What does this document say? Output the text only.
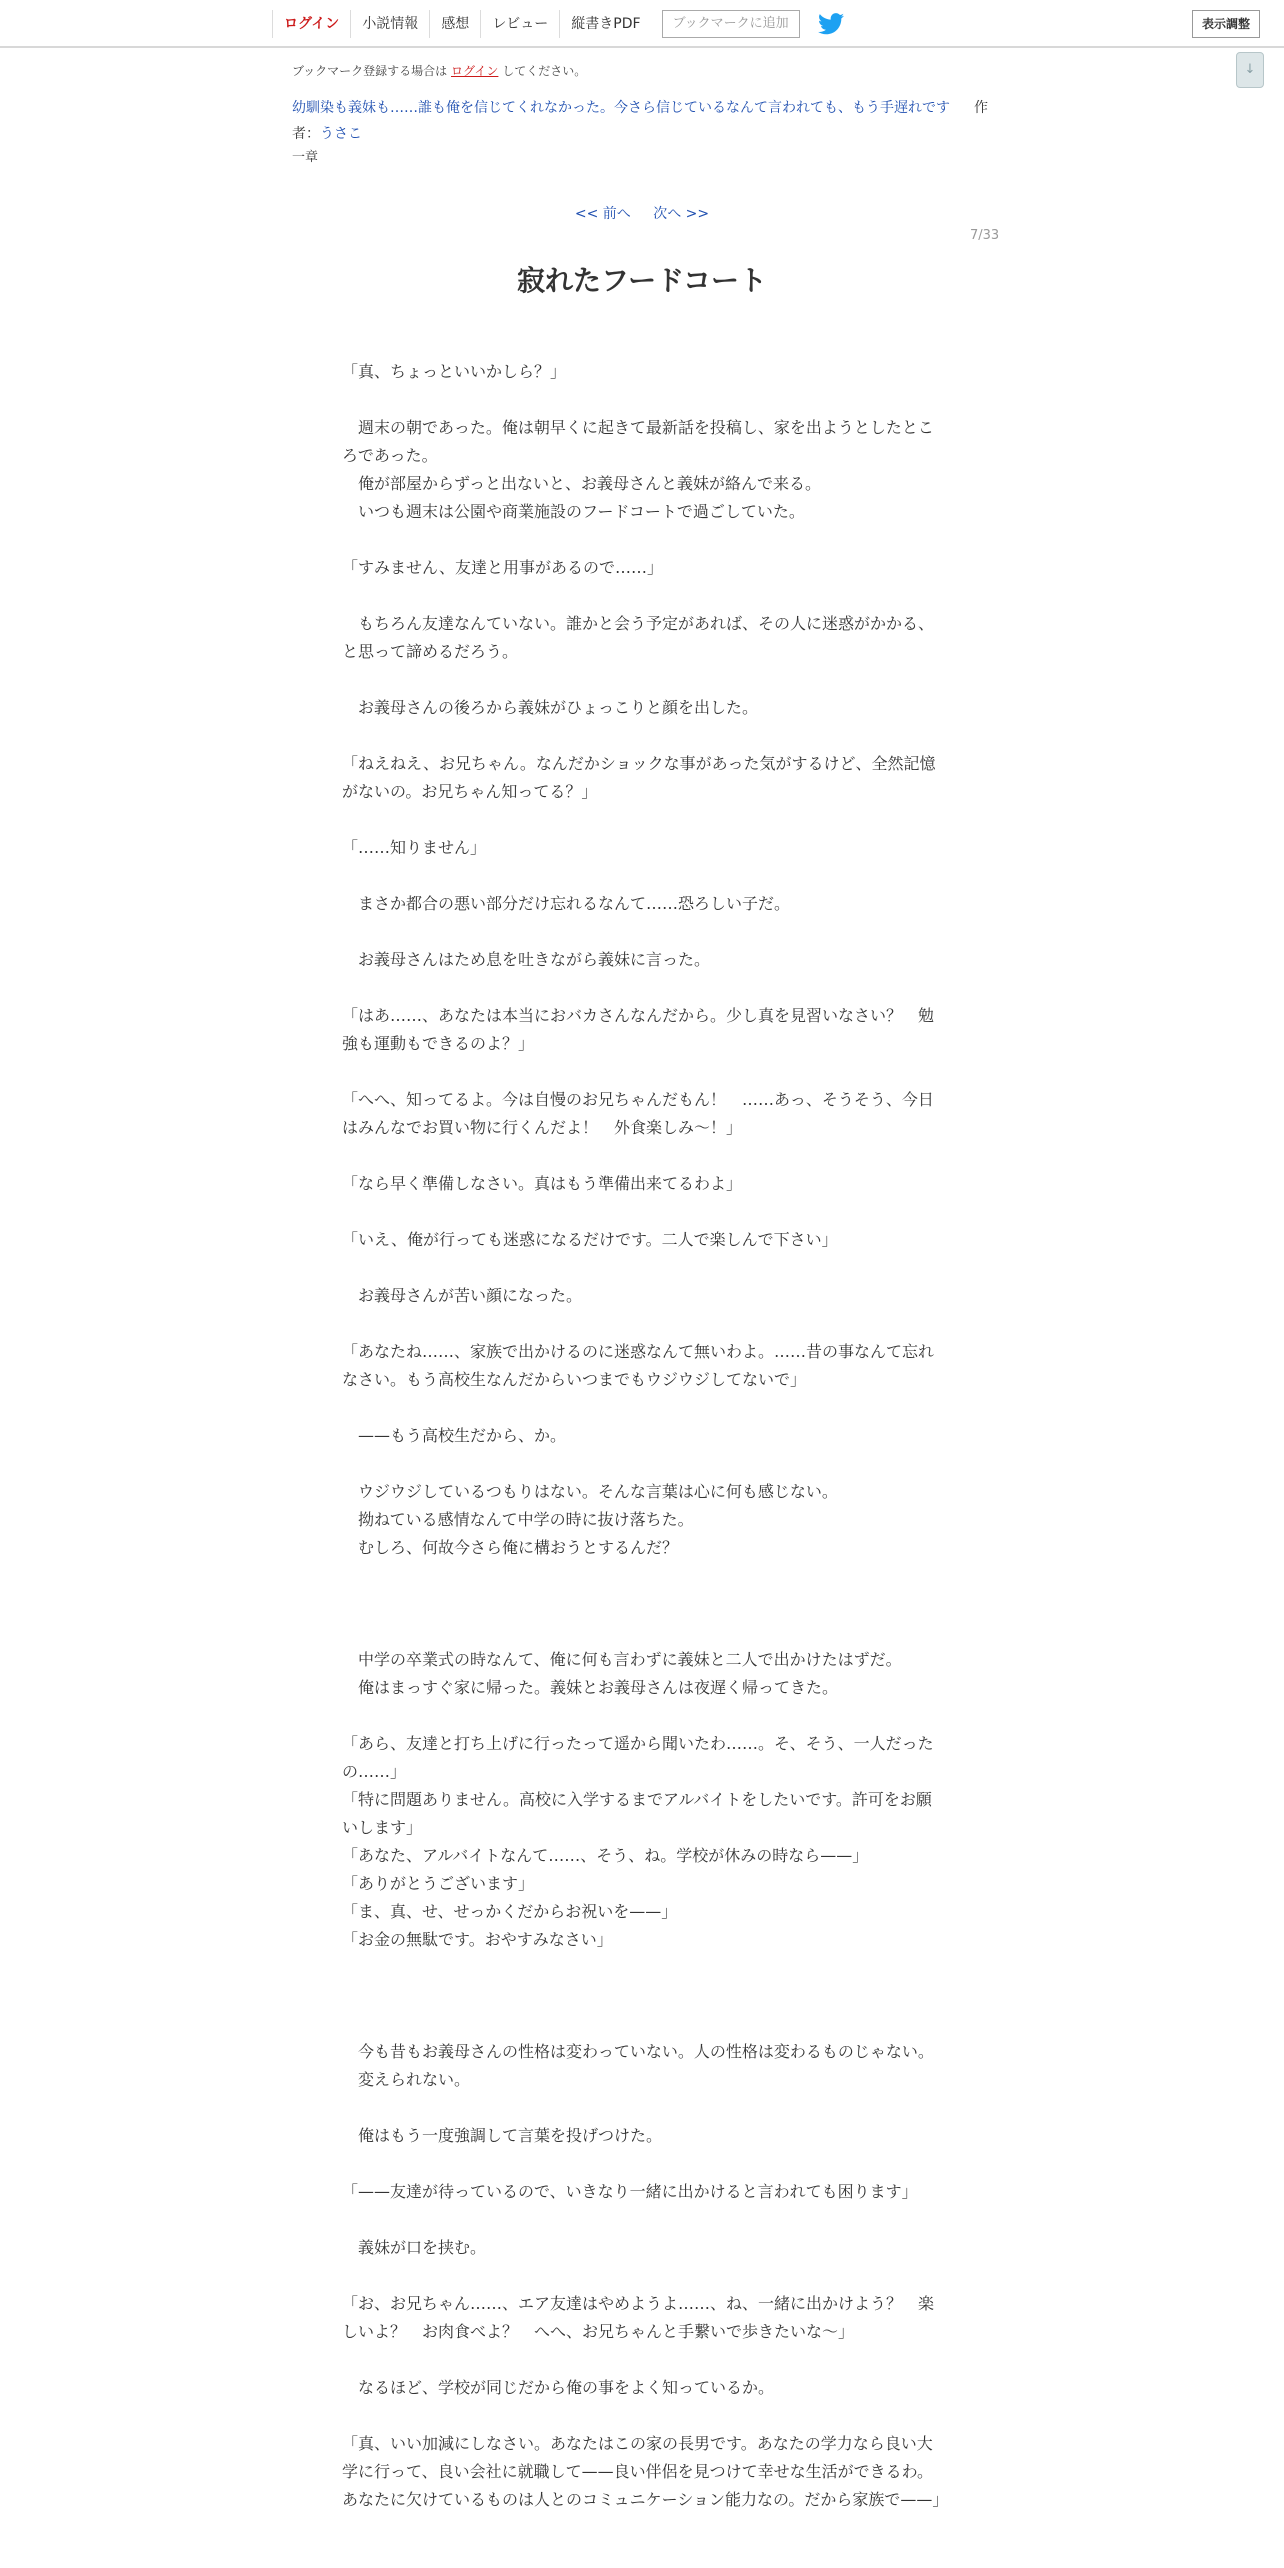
ログイン	小説情報	感想	レビュー	縦書きPDF	ブックマークに追加	表示調整
↓
ブックマーク登録する場合は ログイン してください。
幼馴染も義妹も……誰も俺を信じてくれなかった。今さら信じているなんて言われても、もう手遅れです 作
者：うさこ
一章
<< 前へ 次へ >>
7/33
寂れたフードコート

「真、ちょっといいかしら？」

　週末の朝であった。俺は朝早くに起きて最新話を投稿し、家を出ようとしたところであった。

　俺が部屋からずっと出ないと、お義母さんと義妹が絡んで来る。

　いつも週末は公園や商業施設のフードコートで過ごしていた。

「すみません、友達と用事があるので……」

　もちろん友達なんていない。誰かと会う予定があれば、その人に迷惑がかかる、と思って諦めるだろう。

　お義母さんの後ろから義妹がひょっこりと顔を出した。

「ねえねえ、お兄ちゃん。なんだかショックな事があった気がするけど、全然記憶がないの。お兄ちゃん知ってる？」

「……知りません」

　まさか都合の悪い部分だけ忘れるなんて……恐ろしい子だ。

　お義母さんはため息を吐きながら義妹に言った。

「はあ……、あなたは本当におバカさんなんだから。少し真を見習いなさい？　勉強も運動もできるのよ？」

「へへ、知ってるよ。今は自慢のお兄ちゃんだもん！　……あっ、そうそう、今日はみんなでお買い物に行くんだよ！　外食楽しみ〜！」

「なら早く準備しなさい。真はもう準備出来てるわよ」

「いえ、俺が行っても迷惑になるだけです。二人で楽しんで下さい」

　お義母さんが苦い顔になった。

「あなたね……、家族で出かけるのに迷惑なんて無いわよ。……昔の事なんて忘れなさい。もう高校生なんだからいつまでもウジウジしてないで」

　——もう高校生だから、か。

　ウジウジしているつもりはない。そんな言葉は心に何も感じない。

　拗ねている感情なんて中学の時に抜け落ちた。

　むしろ、何故今さら俺に構おうとするんだ？

　中学の卒業式の時なんて、俺に何も言わずに義妹と二人で出かけたはずだ。

　俺はまっすぐ家に帰った。義妹とお義母さんは夜遅く帰ってきた。

「あら、友達と打ち上げに行ったって遥から聞いたわ……。そ、そう、一人だったの……」

「特に問題ありません。高校に入学するまでアルバイトをしたいです。許可をお願いします」

「あなた、アルバイトなんて……、そう、ね。学校が休みの時なら——」

「ありがとうございます」

「ま、真、せ、せっかくだからお祝いを——」

「お金の無駄です。おやすみなさい」

　今も昔もお義母さんの性格は変わっていない。人の性格は変わるものじゃない。

　変えられない。

　俺はもう一度強調して言葉を投げつけた。

「——友達が待っているので、いきなり一緒に出かけると言われても困ります」

　義妹が口を挟む。

「お、お兄ちゃん……、エア友達はやめようよ……、ね、一緒に出かけよう？　楽しいよ？　お肉食べよ？　へへ、お兄ちゃんと手繋いで歩きたいな〜」

　なるほど、学校が同じだから俺の事をよく知っているか。

「真、いい加減にしなさい。あなたはこの家の長男です。あなたの学力なら良い大学に行って、良い会社に就職して——良い伴侶を見つけて幸せな生活ができるわ。あなたに欠けているものは人とのコミュニケーション能力なの。だから家族で——」
